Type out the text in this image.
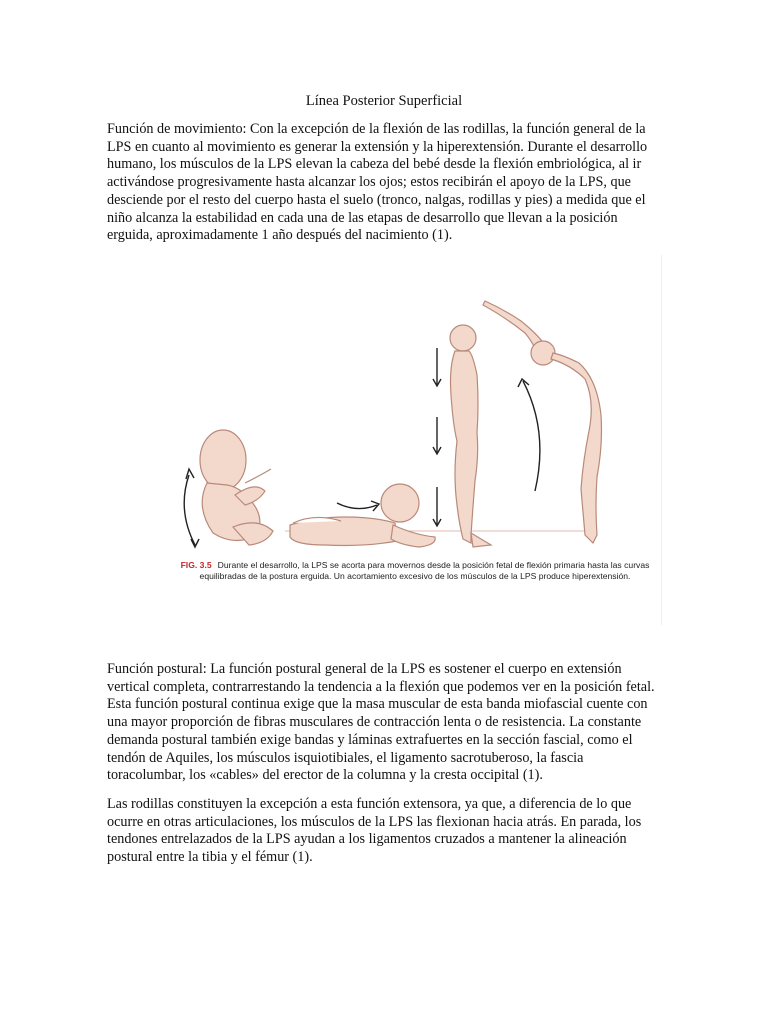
Línea Posterior Superficial

Función de movimiento: Con la excepción de la flexión de las rodillas, la función general de la LPS en cuanto al movimiento es generar la extensión y la hiperextensión. Durante el desarrollo humano, los músculos de la LPS elevan la cabeza del bebé desde la flexión embriológica, al ir activándose progresivamente hasta alcanzar los ojos; estos recibirán el apoyo de la LPS, que desciende por el resto del cuerpo hasta el suelo (tronco, nalgas, rodillas y pies) a medida que el niño alcanza la estabilidad en cada una de las etapas de desarrollo que llevan a la posición erguida, aproximadamente 1 año después del nacimiento (1).

FIG. 3.5 Durante el desarrollo, la LPS se acorta para movernos desde la posición fetal de flexión primaria hasta las curvas equilibradas de la postura erguida. Un acortamiento excesivo de los músculos de la LPS produce hiperextensión.

Función postural: La función postural general de la LPS es sostener el cuerpo en extensión vertical completa, contrarrestando la tendencia a la flexión que podemos ver en la posición fetal. Esta función postural continua exige que la masa muscular de esta banda miofascial cuente con una mayor proporción de fibras musculares de contracción lenta o de resistencia. La constante demanda postural también exige bandas y láminas extrafuertes en la sección fascial, como el tendón de Aquiles, los músculos isquiotibiales, el ligamento sacrotuberoso, la fascia toracolumbar, los «cables» del erector de la columna y la cresta occipital (1).

Las rodillas constituyen la excepción a esta función extensora, ya que, a diferencia de lo que ocurre en otras articulaciones, los músculos de la LPS las flexionan hacia atrás. En parada, los tendones entrelazados de la LPS ayudan a los ligamentos cruzados a mantener la alineación postural entre la tibia y el fémur (1).
